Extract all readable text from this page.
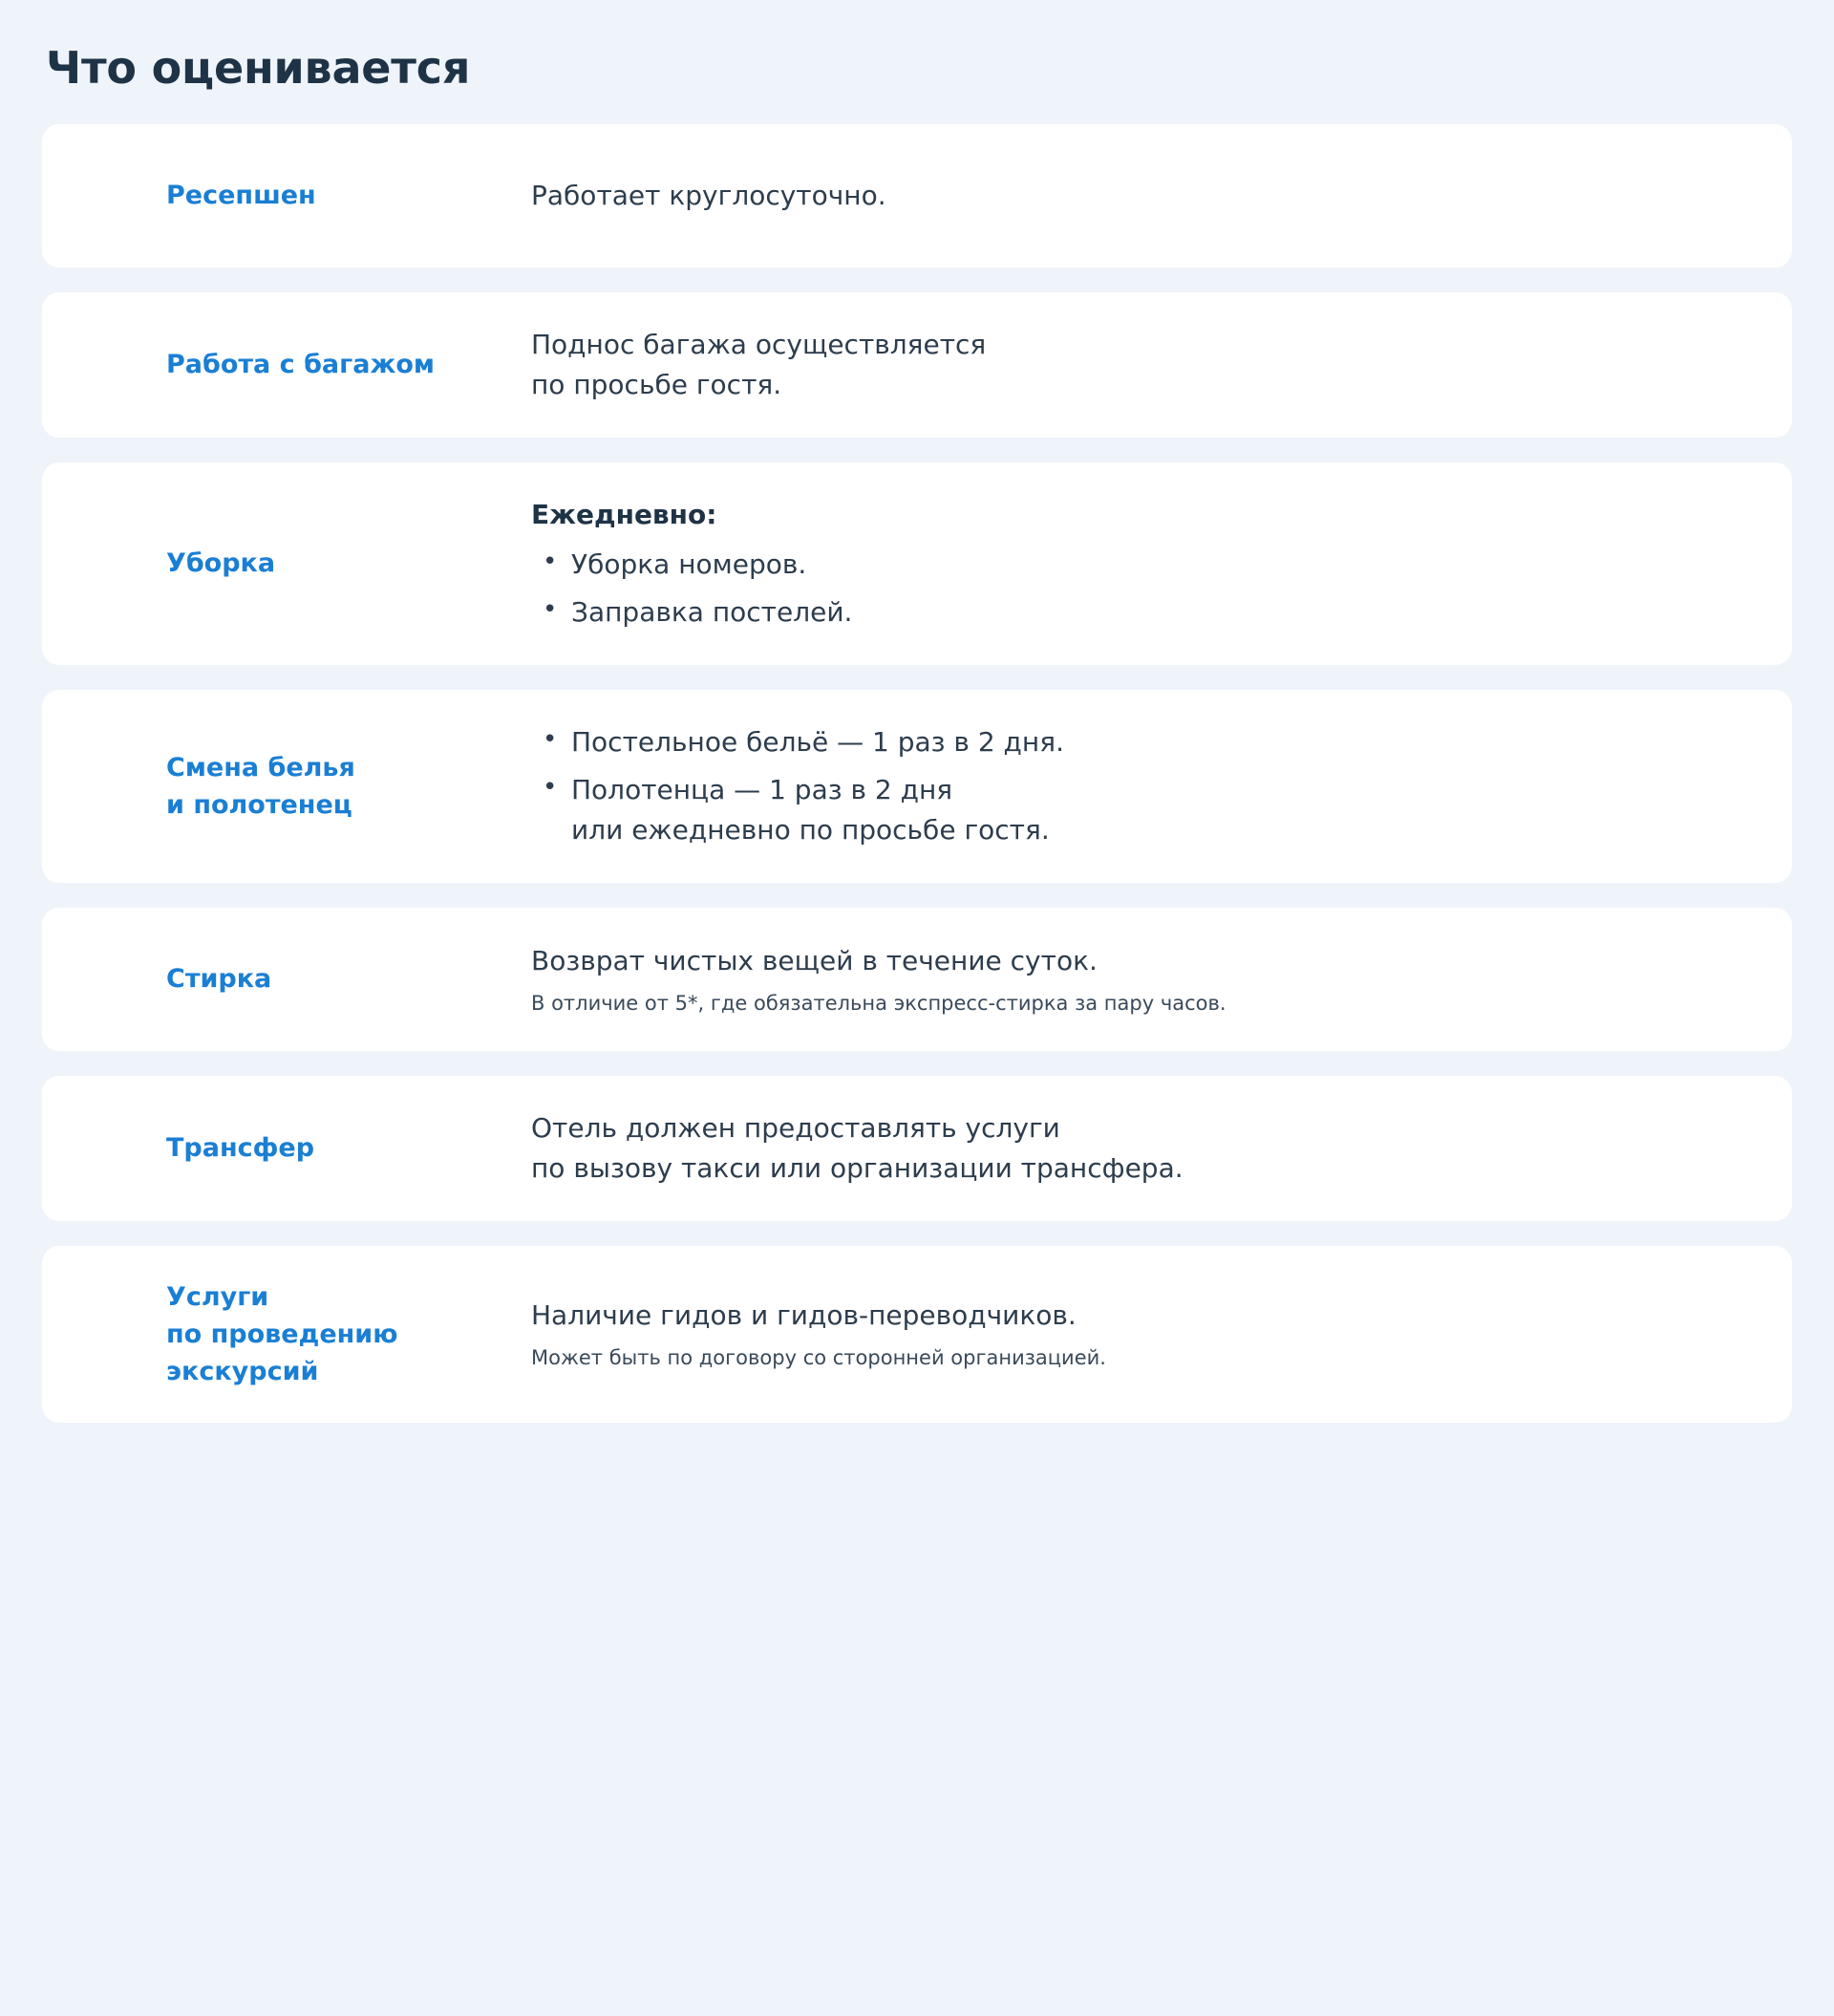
Что оценивается
Ресепшен	Работает круглосуточно.
Работа с багажом
Поднос багажа осуществляется
по просьбе гостя.
Уборка
Ежедневно:
• Уборка номеров.
• Заправка постелей.
Смена белья
и полотенец
• Постельное бельё — 1 раз в 2 дня.
• Полотенца — 1 раз в 2 дня
или ежедневно по просьбе гостя.
Стирка
Возврат чистых вещей в течение суток.
В отличие от 5*, где обязательна экспресс-стирка за пару часов.
Трансфер
Отель должен предоставлять услуги
по вызову такси или организации трансфера.
Услуги
по проведению
экскурсий
Наличие гидов и гидов-переводчиков.
Может быть по договору со сторонней организацией.
